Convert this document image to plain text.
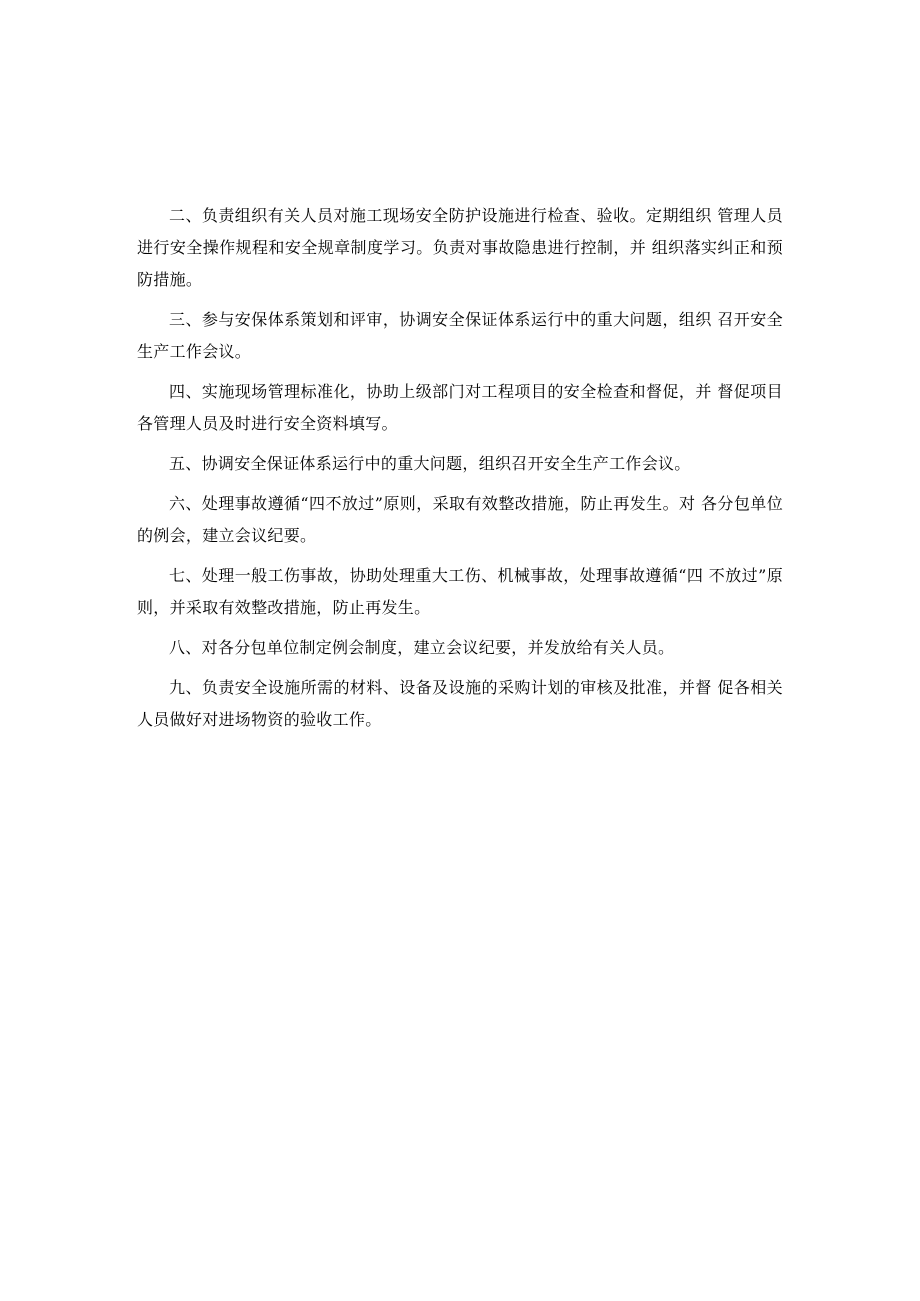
二、负责组织有关人员对施工现场安全防护设施进行检查、验收。定期组织 管理人员进行安全操作规程和安全规章制度学习。负责对事故隐患进行控制，并 组织落实纠正和预防措施。

三、参与安保体系策划和评审，协调安全保证体系运行中的重大问题，组织 召开安全生产工作会议。

四、实施现场管理标准化，协助上级部门对工程项目的安全检查和督促，并 督促项目各管理人员及时进行安全资料填写。

五、协调安全保证体系运行中的重大问题，组织召开安全生产工作会议。

六、处理事故遵循“四不放过”原则，采取有效整改措施，防止再发生。对 各分包单位的例会，建立会议纪要。

七、处理一般工伤事故，协助处理重大工伤、机械事故，处理事故遵循“四 不放过”原则，并采取有效整改措施，防止再发生。

八、对各分包单位制定例会制度，建立会议纪要，并发放给有关人员。

九、负责安全设施所需的材料、设备及设施的采购计划的审核及批准，并督 促各相关人员做好对进场物资的验收工作。
